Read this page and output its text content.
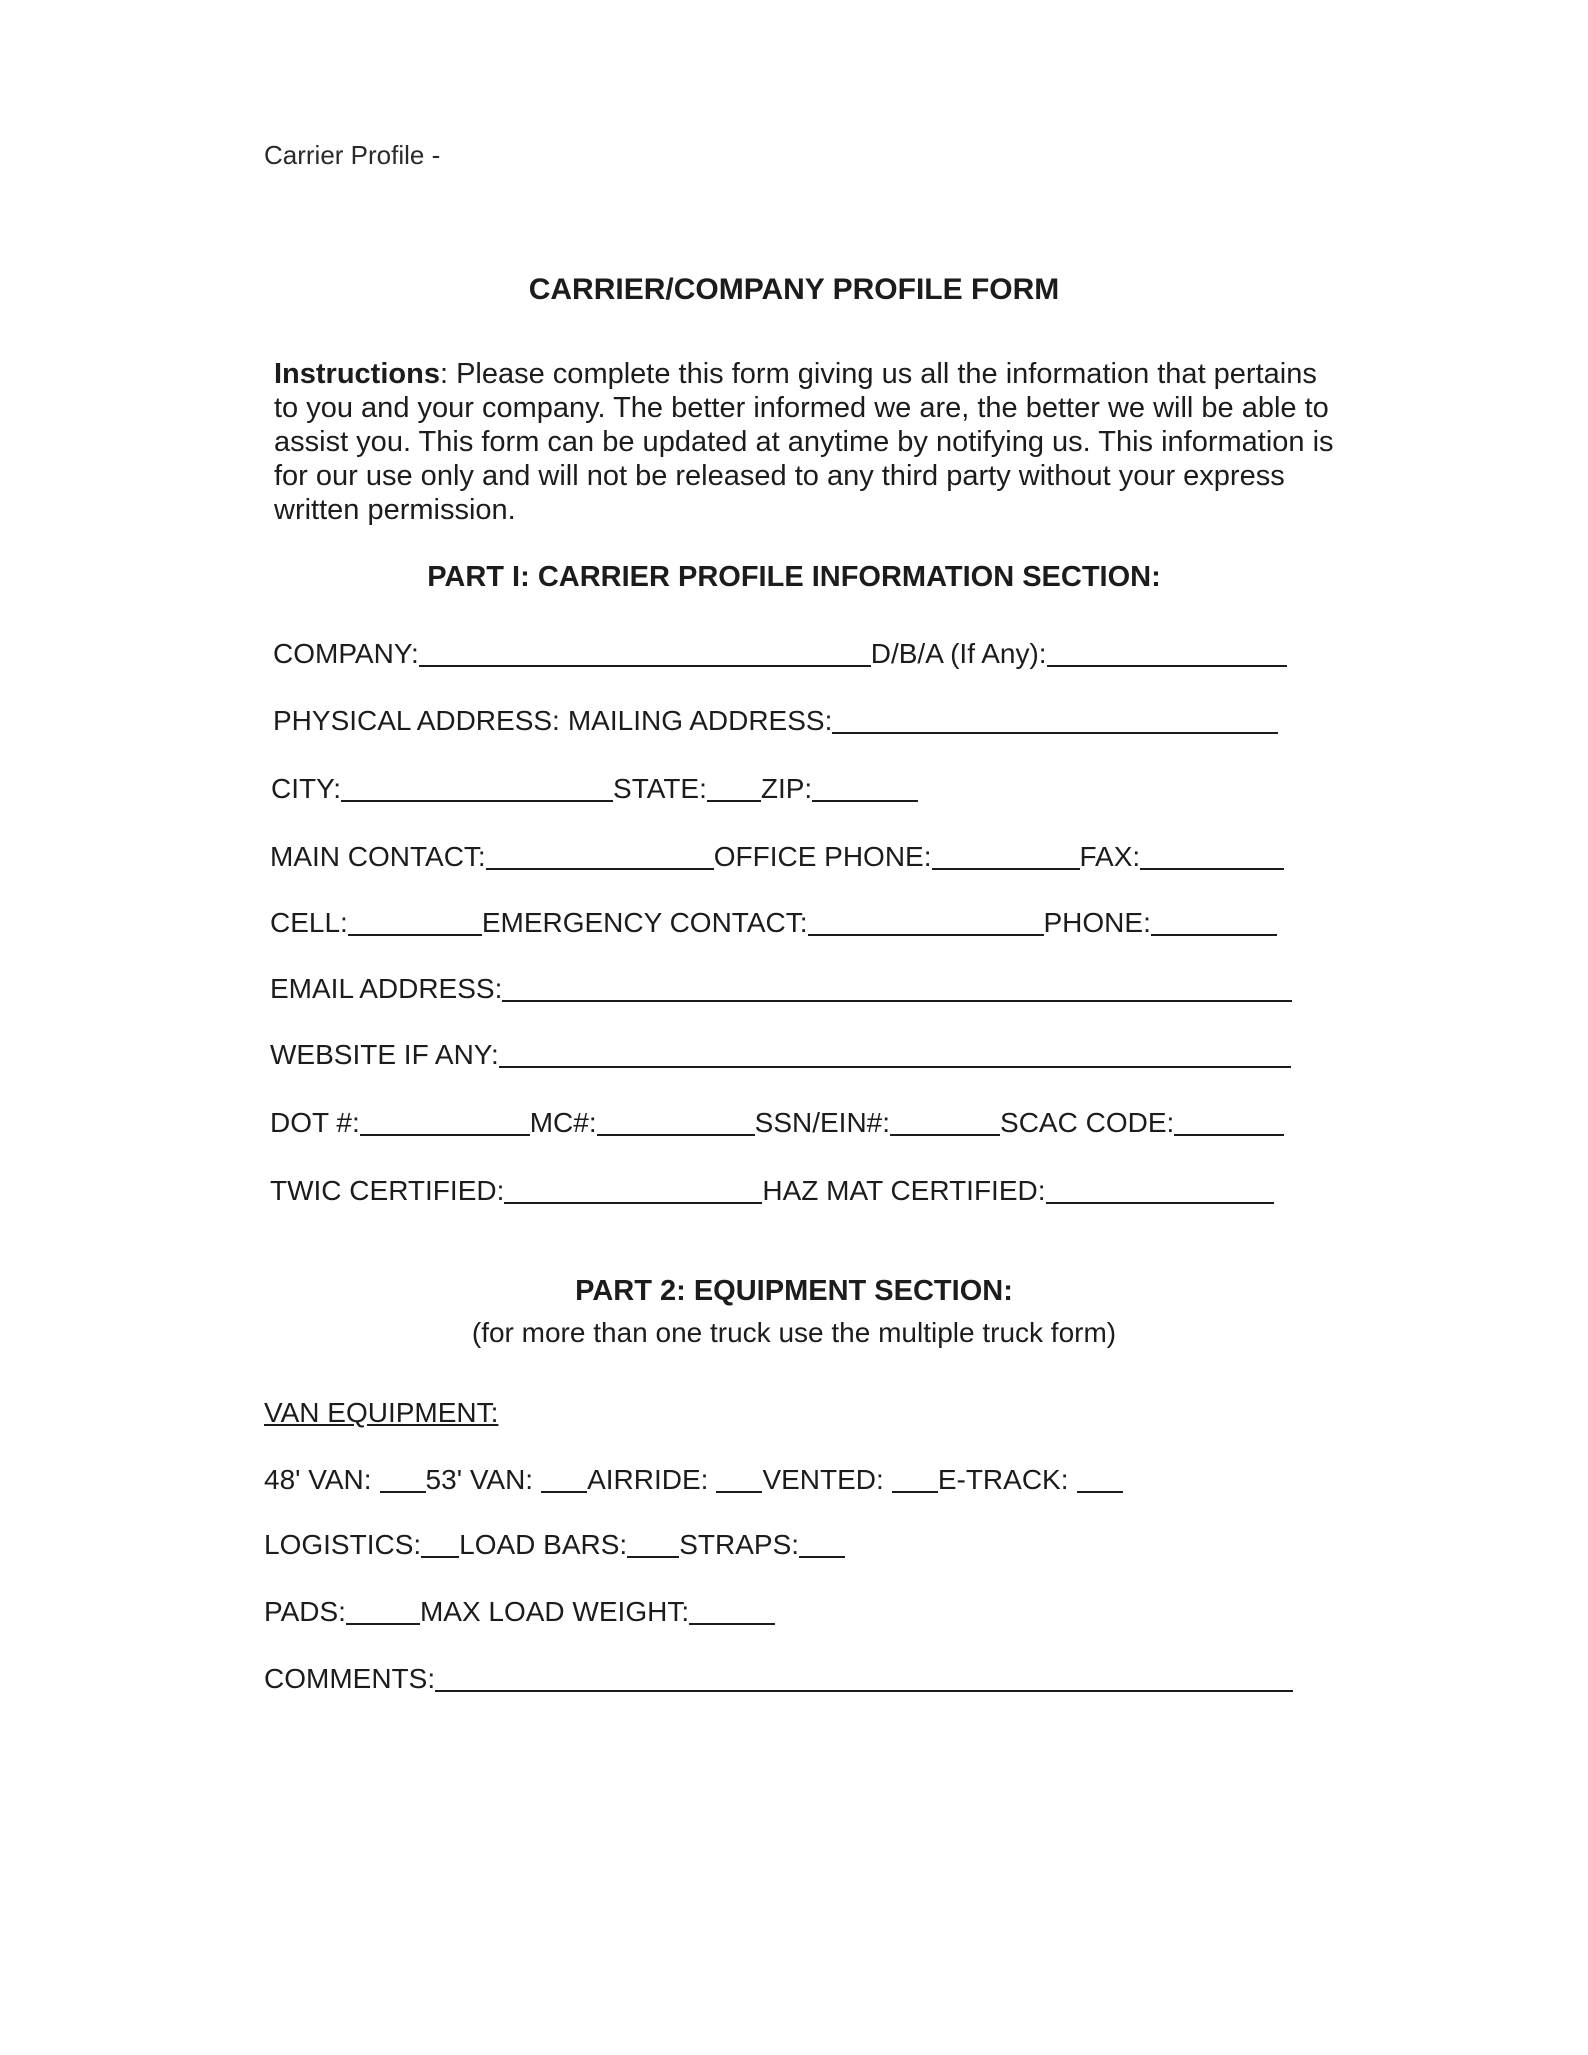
Carrier Profile -
CARRIER/COMPANY PROFILE FORM
Instructions: Please complete this form giving us all the information that pertains to you and your company. The better informed we are, the better we will be able to assist you. This form can be updated at anytime by notifying us. This information is for our use only and will not be released to any third party without your express written permission.
PART I: CARRIER PROFILE INFORMATION SECTION:
COMPANY:	D/B/A (If Any):
PHYSICAL ADDRESS: MAILING ADDRESS:
CITY:	STATE: ZIP:
MAIN CONTACT:	OFFICE PHONE:	FAX:
CELL:	EMERGENCY CONTACT:	PHONE:
EMAIL ADDRESS:
WEBSITE IF ANY:
DOT #:	MC#:	SSN/EIN#:	SCAC CODE:
TWIC CERTIFIED:	HAZ MAT CERTIFIED:
PART 2: EQUIPMENT SECTION:
(for more than one truck use the multiple truck form)
VAN EQUIPMENT:
48' VAN: 53' VAN: AIRRIDE: VENTED: E-TRACK:
LOGISTICS: LOAD BARS: STRAPS:
PADS:	MAX LOAD WEIGHT:
COMMENTS:
